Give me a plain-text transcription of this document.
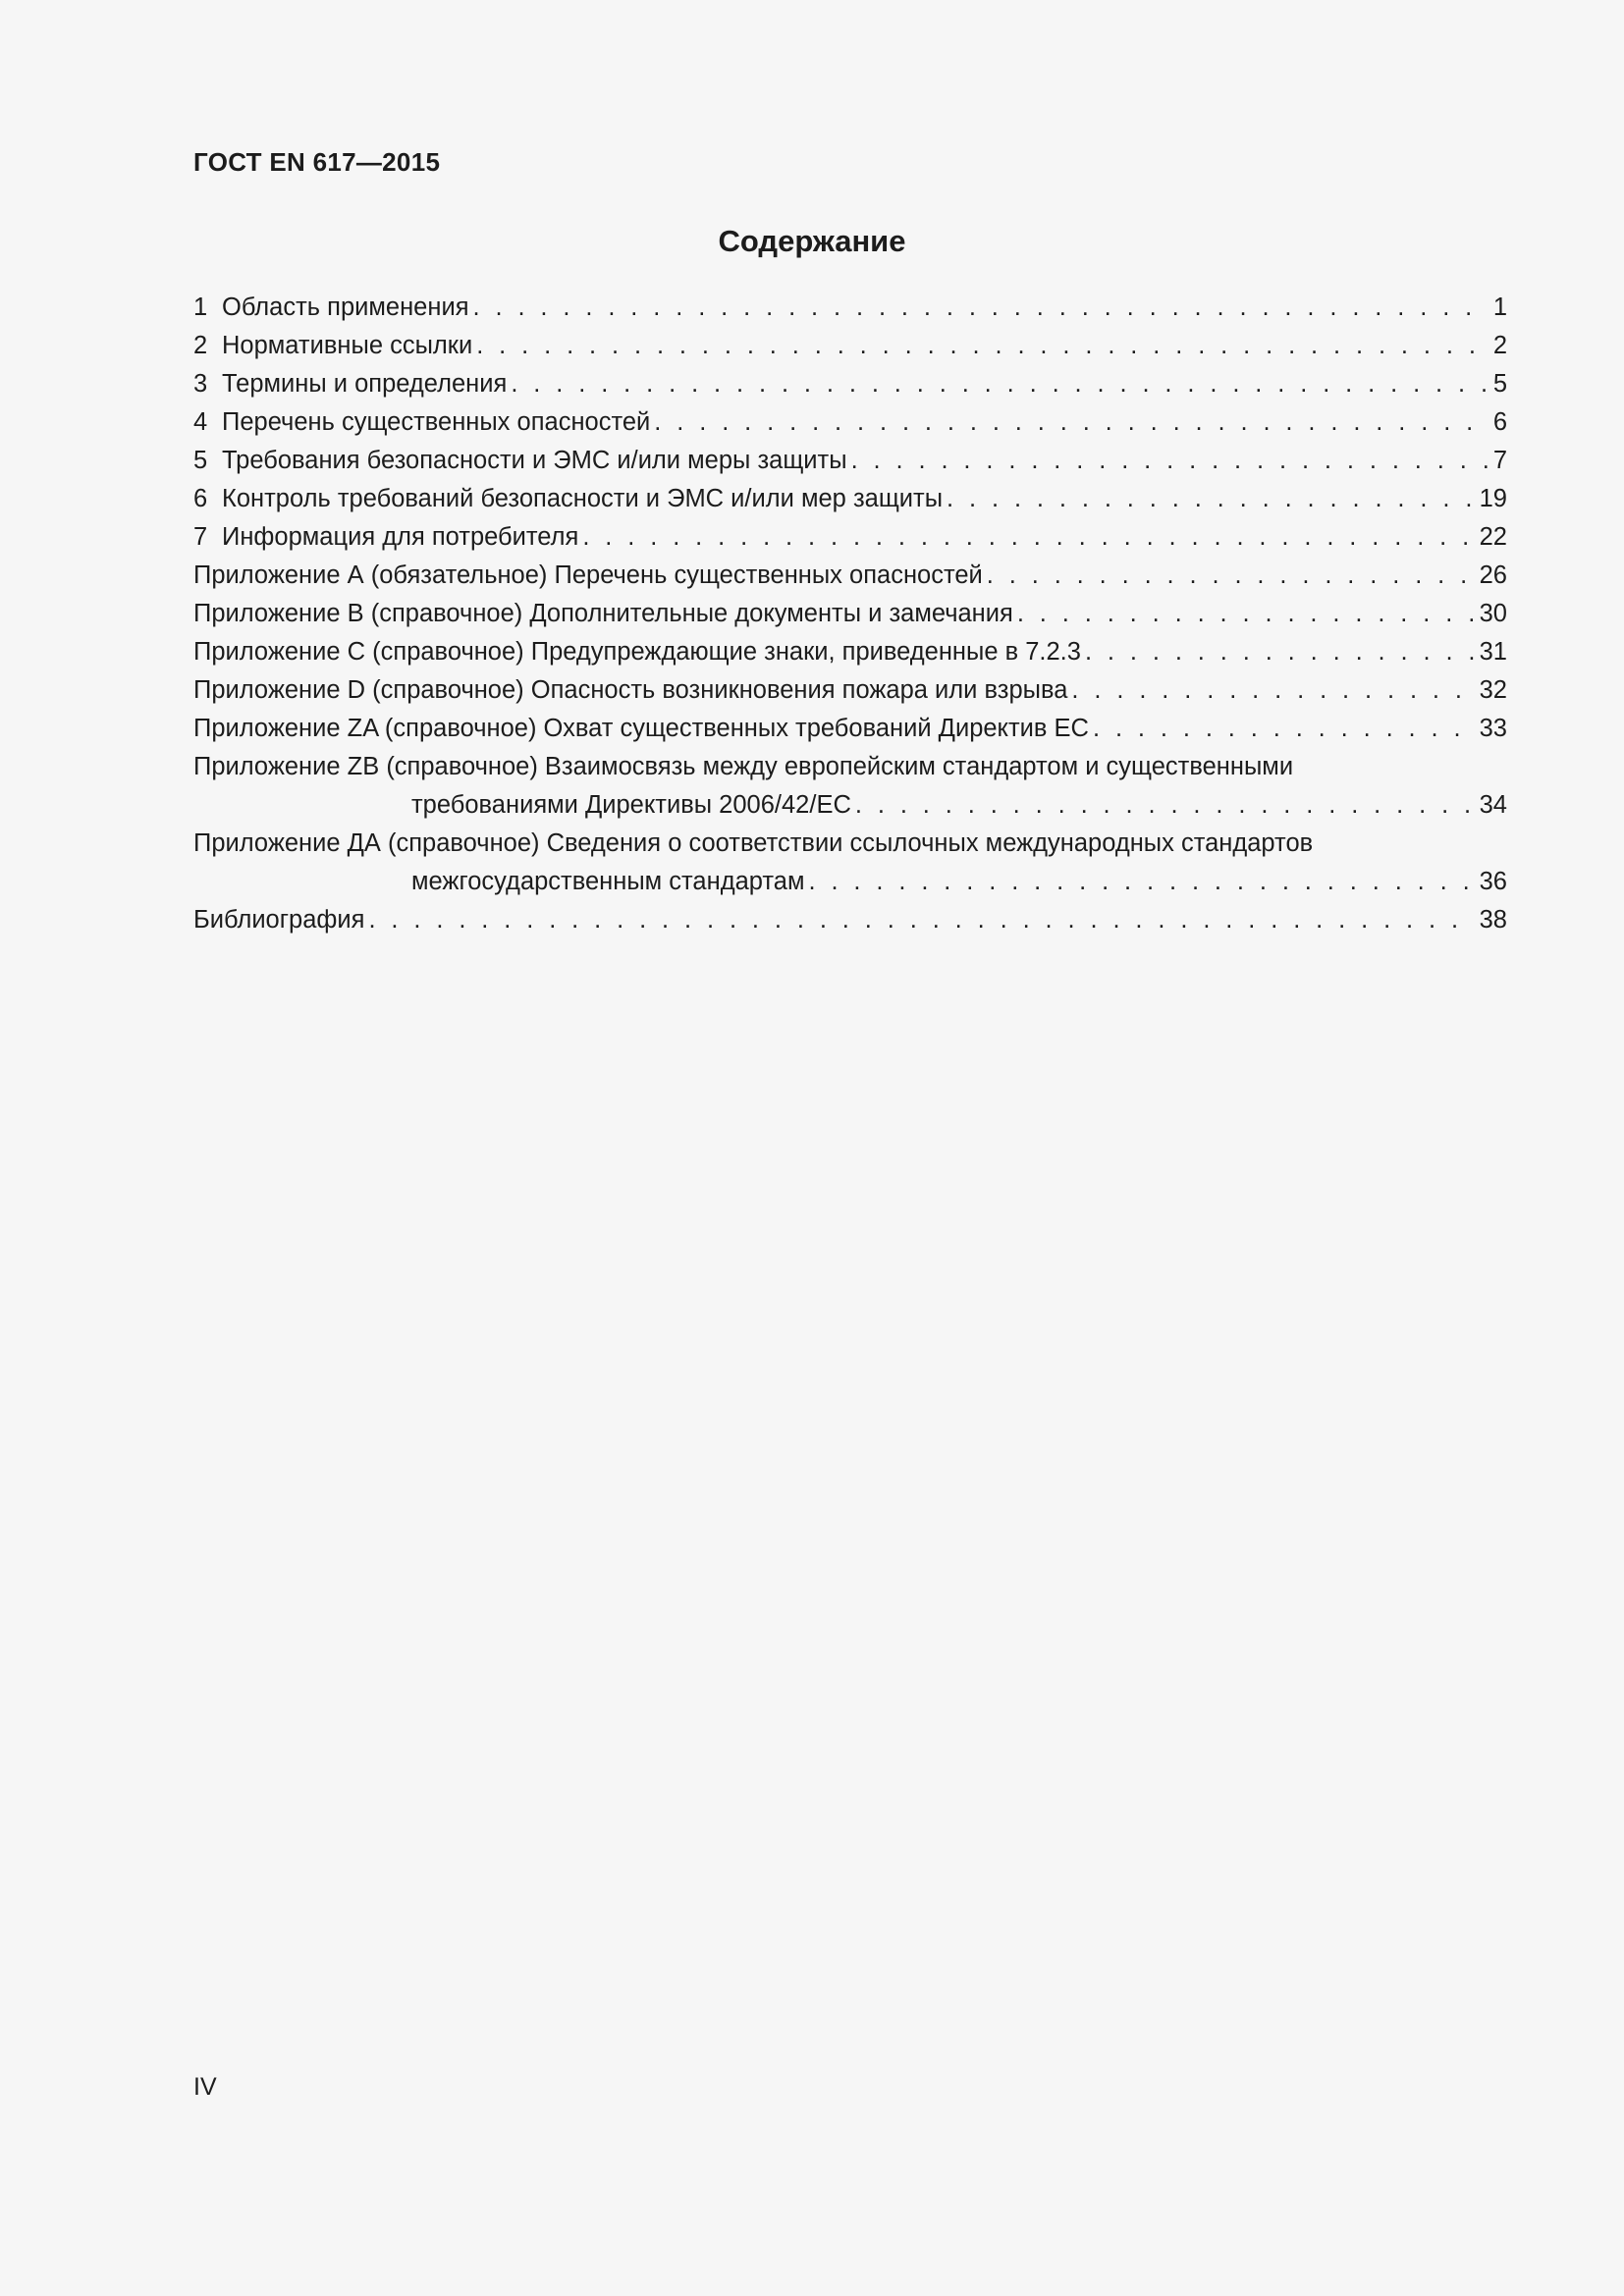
ГОСТ EN 617—2015
Содержание
1 Область применения . . .	1
2 Нормативные ссылки . . .	2
3 Термины и определения . . .	5
4 Перечень существенных опасностей . . .	6
5 Требования безопасности и ЭМС и/или меры защиты . . .	7
6 Контроль требований безопасности и ЭМС и/или мер защиты . . .	19
7 Информация для потребителя . . .	22
Приложение А (обязательное) Перечень существенных опасностей . . .	26
Приложение В (справочное) Дополнительные документы и замечания . . .	30
Приложение С (справочное) Предупреждающие знаки, приведенные в 7.2.3 . . .	31
Приложение D (справочное) Опасность возникновения пожара или взрыва . . .	32
Приложение ZA (справочное) Охват существенных требований Директив ЕС . . .	33
Приложение ZB (справочное) Взаимосвязь между европейским стандартом и существенными
требованиями Директивы 2006/42/ЕС . . .	34
Приложение ДА (справочное) Сведения о соответствии ссылочных международных стандартов
межгосударственным стандартам . . .	36
Библиография . . .	38
IV
